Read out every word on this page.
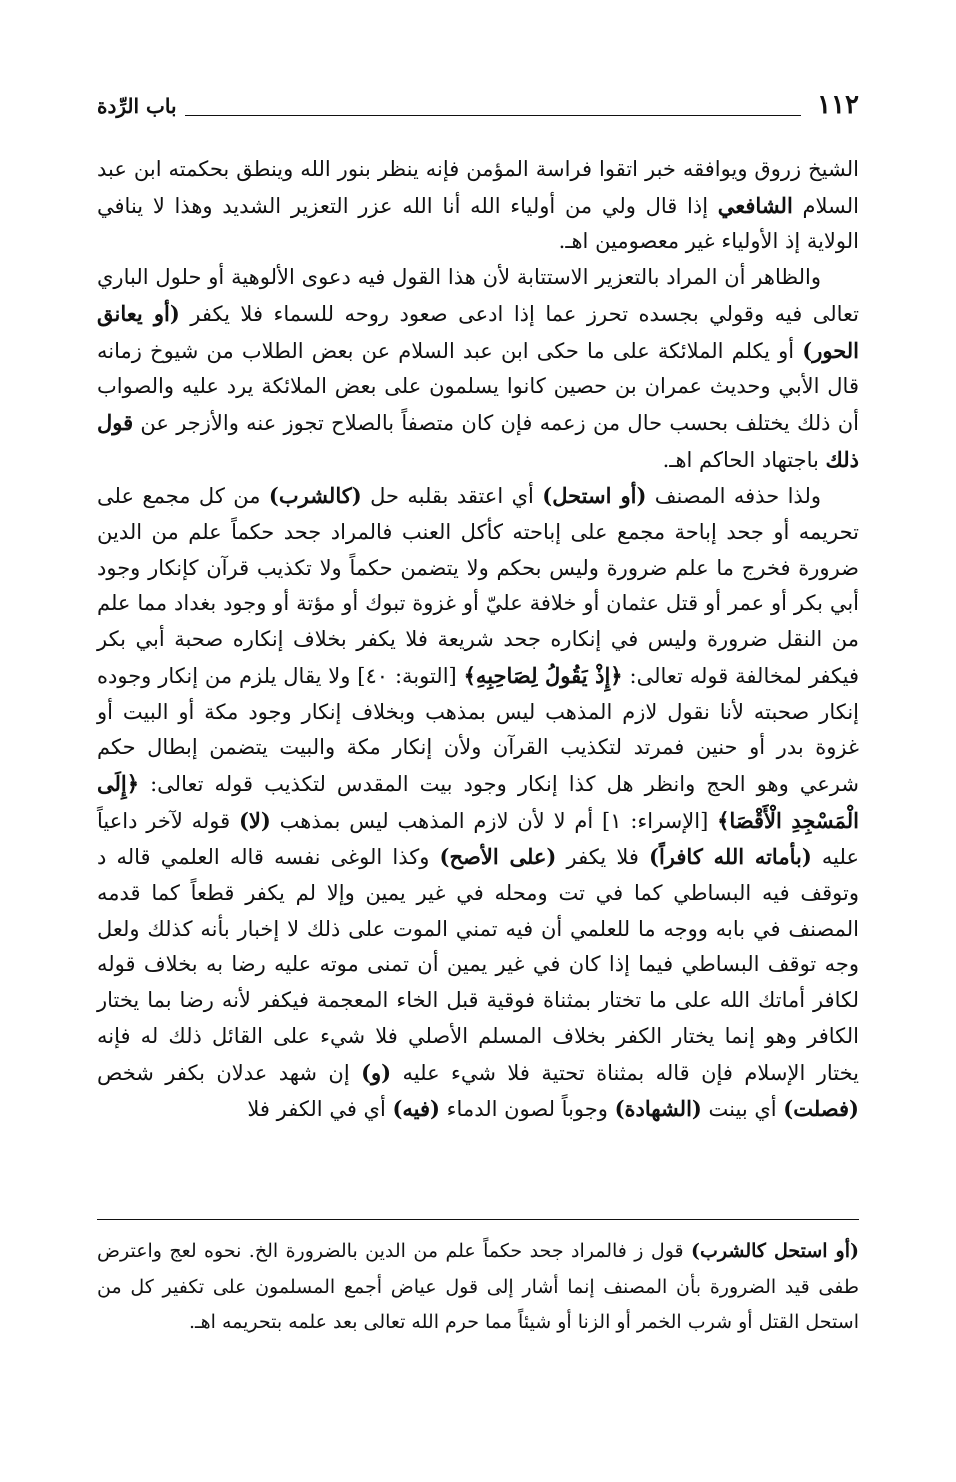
١١٢
باب الرِّدة

الشيخ زروق ويوافقه خبر اتقوا فراسة المؤمن فإنه ينظر بنور الله وينطق بحكمته ابن عبد السلام الشافعي إذا قال ولي من أولياء الله أنا الله عزر التعزير الشديد وهذا لا ينافي الولاية إذ الأولياء غير معصومين اهـ.

والظاهر أن المراد بالتعزير الاستتابة لأن هذا القول فيه دعوى الألوهية أو حلول الباري تعالى فيه وقولي بجسده تحرز عما إذا ادعى صعود روحه للسماء فلا يكفر (أو يعانق الحور) أو يكلم الملائكة على ما حكى ابن عبد السلام عن بعض الطلاب من شيوخ زمانه قال الأبي وحديث عمران بن حصين كانوا يسلمون على بعض الملائكة يرد عليه والصواب أن ذلك يختلف بحسب حال من زعمه فإن كان متصفاً بالصلاح تجوز عنه والأزجر عن قول ذلك باجتهاد الحاكم اهـ.

ولذا حذفه المصنف (أو استحل) أي اعتقد بقلبه حل (كالشرب) من كل مجمع على تحريمه أو جحد إباحة مجمع على إباحته كأكل العنب فالمراد جحد حكماً علم من الدين ضرورة فخرج ما علم ضرورة وليس بحكم ولا يتضمن حكماً ولا تكذيب قرآن كإنكار وجود أبي بكر أو عمر أو قتل عثمان أو خلافة عليّ أو غزوة تبوك أو مؤتة أو وجود بغداد مما علم من النقل ضرورة وليس في إنكاره جحد شريعة فلا يكفر بخلاف إنكاره صحبة أبي بكر فيكفر لمخالفة قوله تعالى: ﴿إِذْ يَقُولُ لِصَاحِبِهِ﴾ [التوبة: ٤٠] ولا يقال يلزم من إنكار وجوده إنكار صحبته لأنا نقول لازم المذهب ليس بمذهب وبخلاف إنكار وجود مكة أو البيت أو غزوة بدر أو حنين فمرتد لتكذيب القرآن ولأن إنكار مكة والبيت يتضمن إبطال حكم شرعي وهو الحج وانظر هل كذا إنكار وجود بيت المقدس لتكذيب قوله تعالى: ﴿إِلَى الْمَسْجِدِ الْأَقْصَا﴾ [الإسراء: ١] أم لا لأن لازم المذهب ليس بمذهب (لا) قوله لآخر داعياً عليه (بأماته الله كافراً) فلا يكفر (على الأصح) وكذا الوغى نفسه قاله العلمي قاله د وتوقف فيه البساطي كما في تت ومحله في غير يمين وإلا لم يكفر قطعاً كما قدمه المصنف في بابه ووجه ما للعلمي أن فيه تمني الموت على ذلك لا إخبار بأنه كذلك ولعل وجه توقف البساطي فيما إذا كان في غير يمين أن تمنى موته عليه رضا به بخلاف قوله لكافر أماتك الله على ما تختار بمثناة فوقية قبل الخاء المعجمة فيكفر لأنه رضا بما يختار الكافر وهو إنما يختار الكفر بخلاف المسلم الأصلي فلا شيء على القائل ذلك له فإنه يختار الإسلام فإن قاله بمثناة تحتية فلا شيء عليه (و) إن شهد عدلان بكفر شخص (فصلت) أي بينت (الشهادة) وجوباً لصون الدماء (فيه) أي في الكفر فلا

(أو استحل كالشرب) قول ز فالمراد جحد حكماً علم من الدين بالضرورة الخ. نحوه لعج واعترض طفى قيد الضرورة بأن المصنف إنما أشار إلى قول عياض أجمع المسلمون على تكفير كل من استحل القتل أو شرب الخمر أو الزنا أو شيئاً مما حرم الله تعالى بعد علمه بتحريمه اهـ.
